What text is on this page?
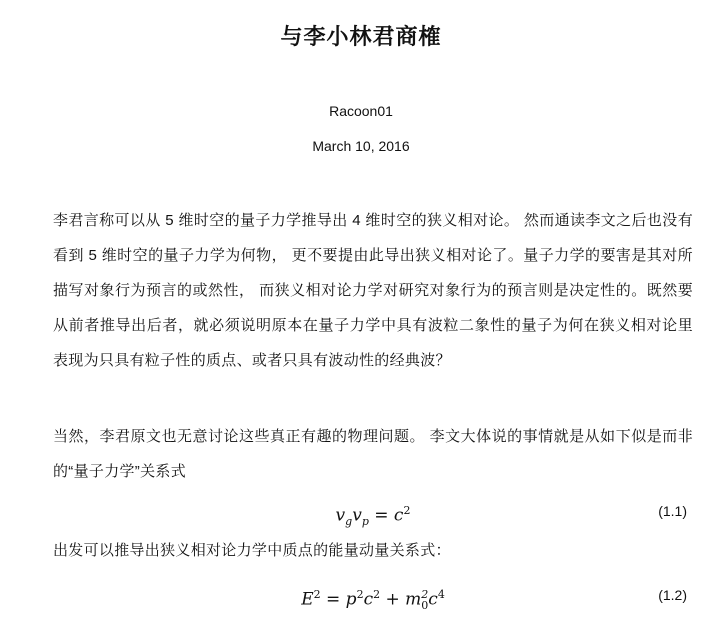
与李小林君商榷
Racoon01
March 10, 2016
李君言称可以从 5 维时空的量子力学推导出 4 维时空的狭义相对论。 然而通读李文之后也没有看到 5 维时空的量子力学为何物， 更不要提由此导出狭义相对论了。量子力学的要害是其对所描写对象行为预言的或然性， 而狭义相对论力学对研究对象行为的预言则是决定性的。既然要从前者推导出后者，就必须说明原本在量子力学中具有波粒二象性的量子为何在狭义相对论里表现为只具有粒子性的质点、或者只具有波动性的经典波？
当然，李君原文也无意讨论这些真正有趣的物理问题。 李文大体说的事情就是从如下似是而非的“量子力学”关系式
$v_gv_p = c^2$	(1.1)
出发可以推导出狭义相对论力学中质点的能量动量关系式：
$E^2 = p^2c^2 + m$ 2
0 $c^4$	(1.2)
